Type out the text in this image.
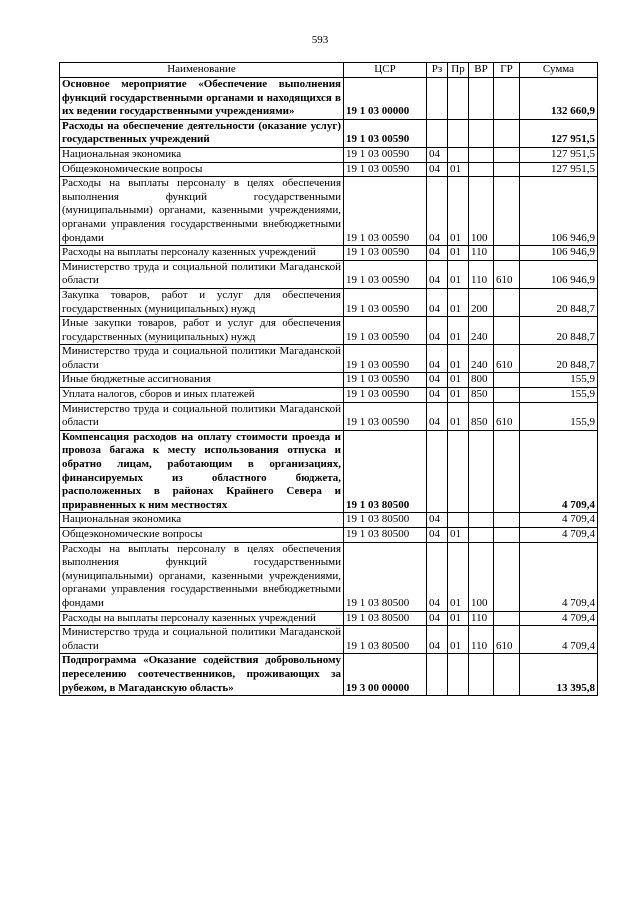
593
Наименование	ЦСР	Рз	Пр	ВР	ГР	Сумма
Основное мероприятие «Обеспечение выполнения функций государственными органами и находящихся в их ведении государственными учреждениями»	19 1 03 00000					132 660,9
Расходы на обеспечение деятельности (оказание услуг) государственных учреждений	19 1 03 00590					127 951,5
Национальная экономика	19 1 03 00590	04				127 951,5
Общеэкономические вопросы	19 1 03 00590	04	01			127 951,5
Расходы на выплаты персоналу в целях обеспечения выполнения функций государственными (муниципальными) органами, казенными учреждениями, органами управления государственными внебюджетными фондами	19 1 03 00590	04	01	100		106 946,9
Расходы на выплаты персоналу казенных учреждений	19 1 03 00590	04	01	110		106 946,9
Министерство труда и социальной политики Магаданской области	19 1 03 00590	04	01	110	610	106 946,9
Закупка товаров, работ и услуг для обеспечения государственных (муниципальных) нужд	19 1 03 00590	04	01	200		20 848,7
Иные закупки товаров, работ и услуг для обеспечения государственных (муниципальных) нужд	19 1 03 00590	04	01	240		20 848,7
Министерство труда и социальной политики Магаданской области	19 1 03 00590	04	01	240	610	20 848,7
Иные бюджетные ассигнования	19 1 03 00590	04	01	800		155,9
Уплата налогов, сборов и иных платежей	19 1 03 00590	04	01	850		155,9
Министерство труда и социальной политики Магаданской области	19 1 03 00590	04	01	850	610	155,9
Компенсация расходов на оплату стоимости проезда и провоза багажа к месту использования отпуска и обратно лицам, работающим в организациях, финансируемых из областного бюджета, расположенных в районах Крайнего Севера и приравненных к ним местностях	19 1 03 80500					4 709,4
Национальная экономика	19 1 03 80500	04				4 709,4
Общеэкономические вопросы	19 1 03 80500	04	01			4 709,4
Расходы на выплаты персоналу в целях обеспечения выполнения функций государственными (муниципальными) органами, казенными учреждениями, органами управления государственными внебюджетными фондами	19 1 03 80500	04	01	100		4 709,4
Расходы на выплаты персоналу казенных учреждений	19 1 03 80500	04	01	110		4 709,4
Министерство труда и социальной политики Магаданской области	19 1 03 80500	04	01	110	610	4 709,4
Подпрограмма «Оказание содействия добровольному переселению соотечественников, проживающих за рубежом, в Магаданскую область»	19 3 00 00000					13 395,8
